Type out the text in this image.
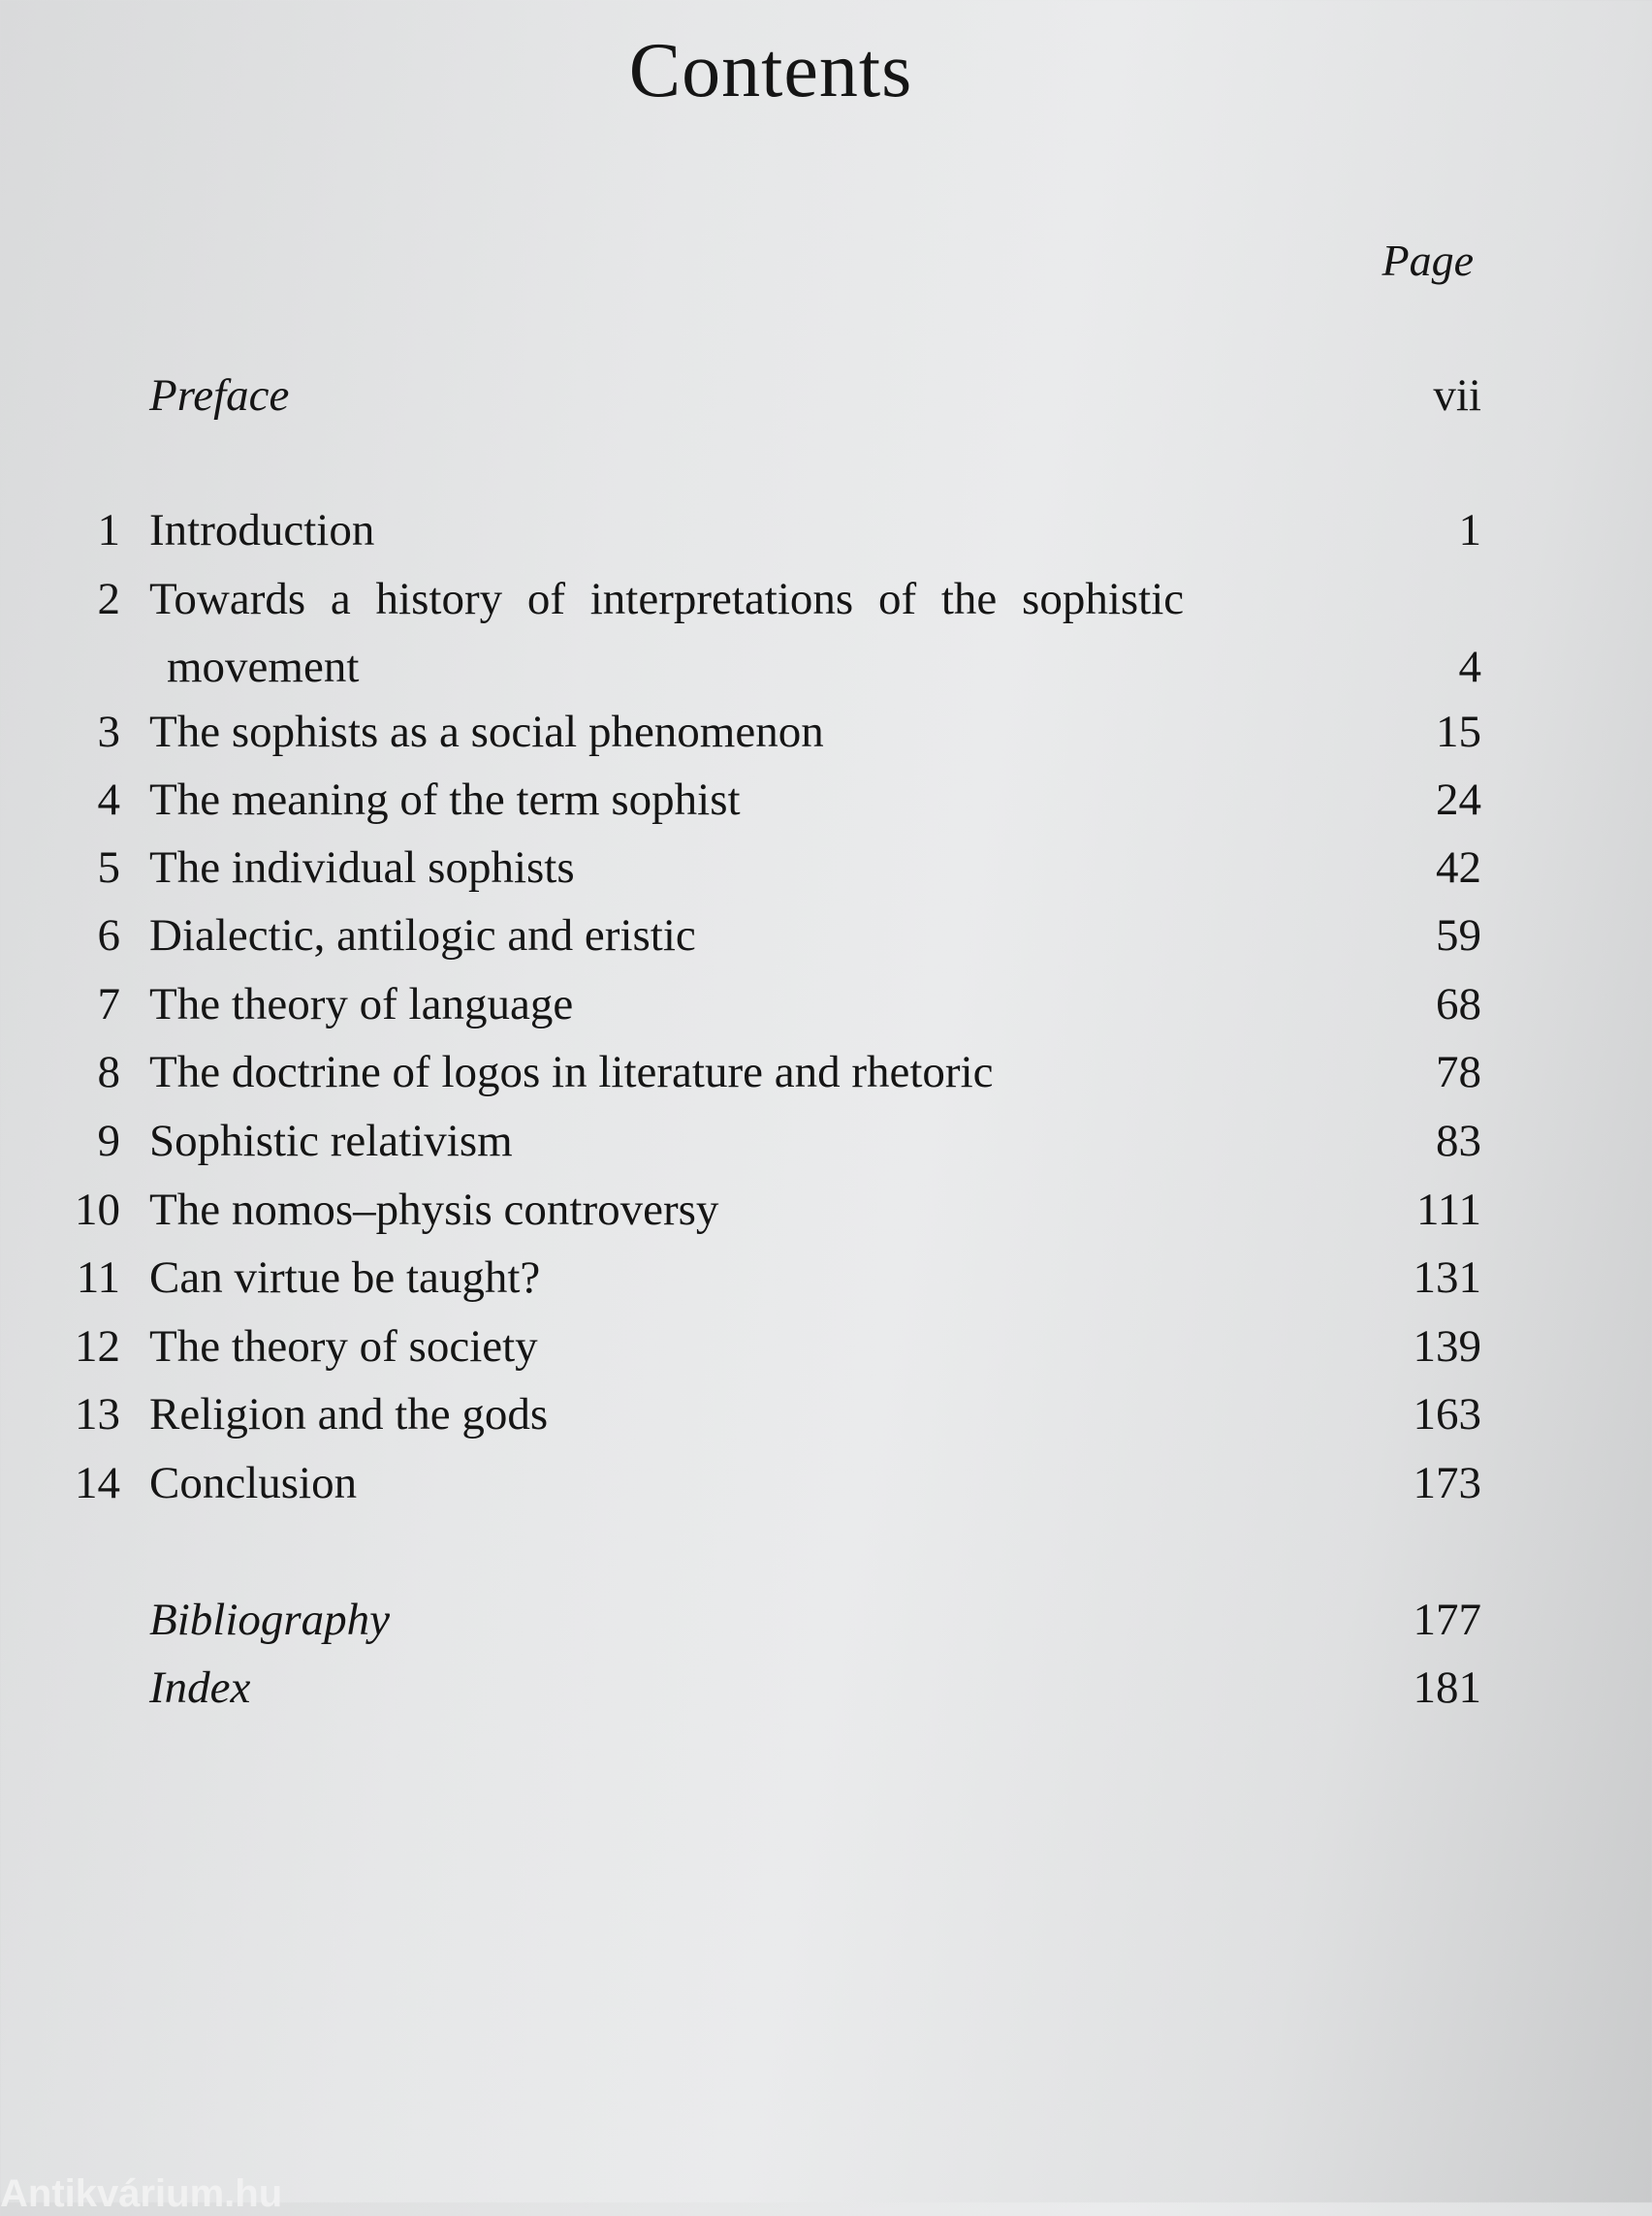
Contents
Page
Preface	vii
1 Introduction	1
2 Towards a history of interpretations of the sophistic
movement	4
3 The sophists as a social phenomenon	15
4 The meaning of the term sophist	24
5 The individual sophists	42
6 Dialectic, antilogic and eristic	59
7 The theory of language	68
8 The doctrine of logos in literature and rhetoric	78
9 Sophistic relativism	83
10 The nomos–physis controversy	111
11 Can virtue be taught?	131
12 The theory of society	139
13 Religion and the gods	163
14 Conclusion	173
Bibliography	177
Index	181
Antikvárium.hu
